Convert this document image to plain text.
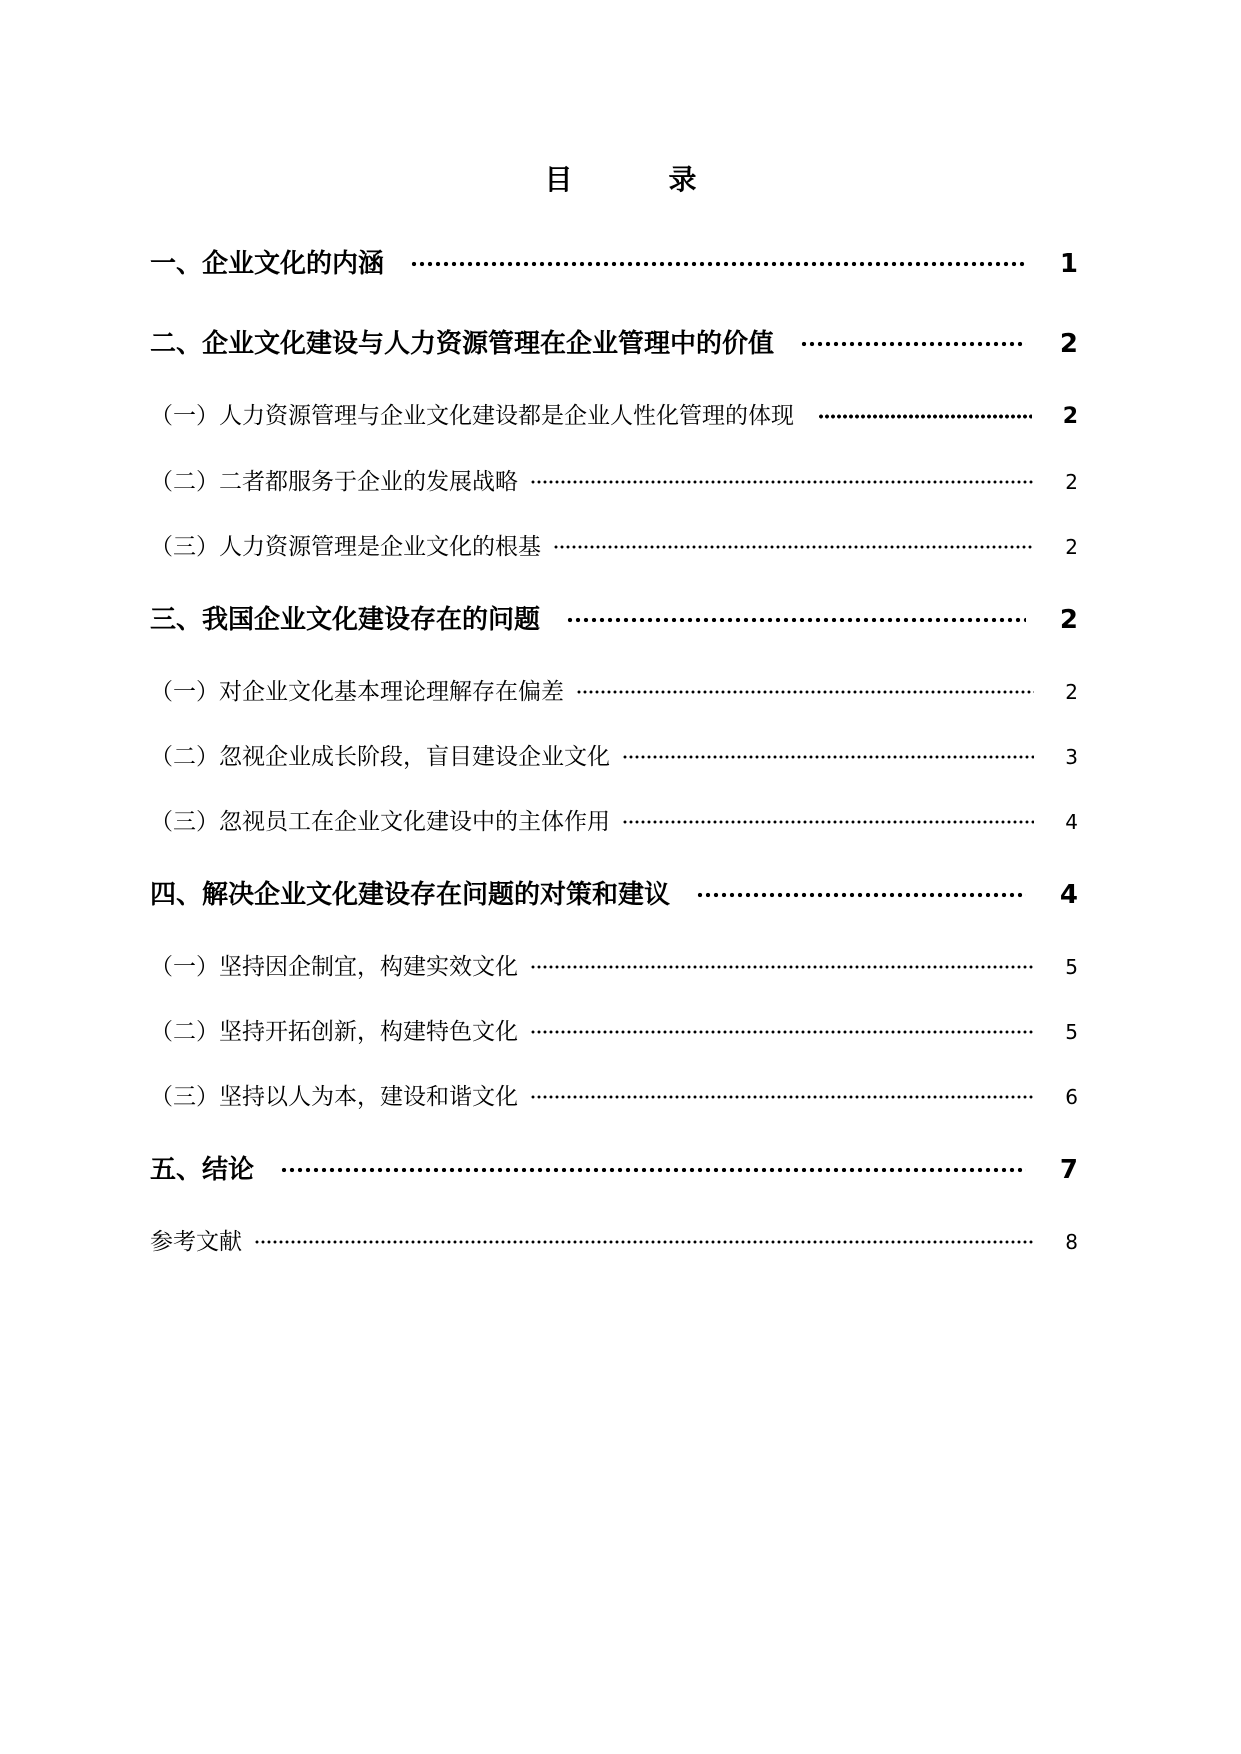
目　录
一、企业文化的内涵	1
二、企业文化建设与人力资源管理在企业管理中的价值	2
（一）人力资源管理与企业文化建设都是企业人性化管理的体现	2
（二）二者都服务于企业的发展战略	2
（三）人力资源管理是企业文化的根基	2
三、我国企业文化建设存在的问题	2
（一）对企业文化基本理论理解存在偏差	2
（二）忽视企业成长阶段，盲目建设企业文化	3
（三）忽视员工在企业文化建设中的主体作用	4
四、解决企业文化建设存在问题的对策和建议	4
（一）坚持因企制宜，构建实效文化	5
（二）坚持开拓创新，构建特色文化	5
（三）坚持以人为本，建设和谐文化	6
五、结论	7
参考文献	8
